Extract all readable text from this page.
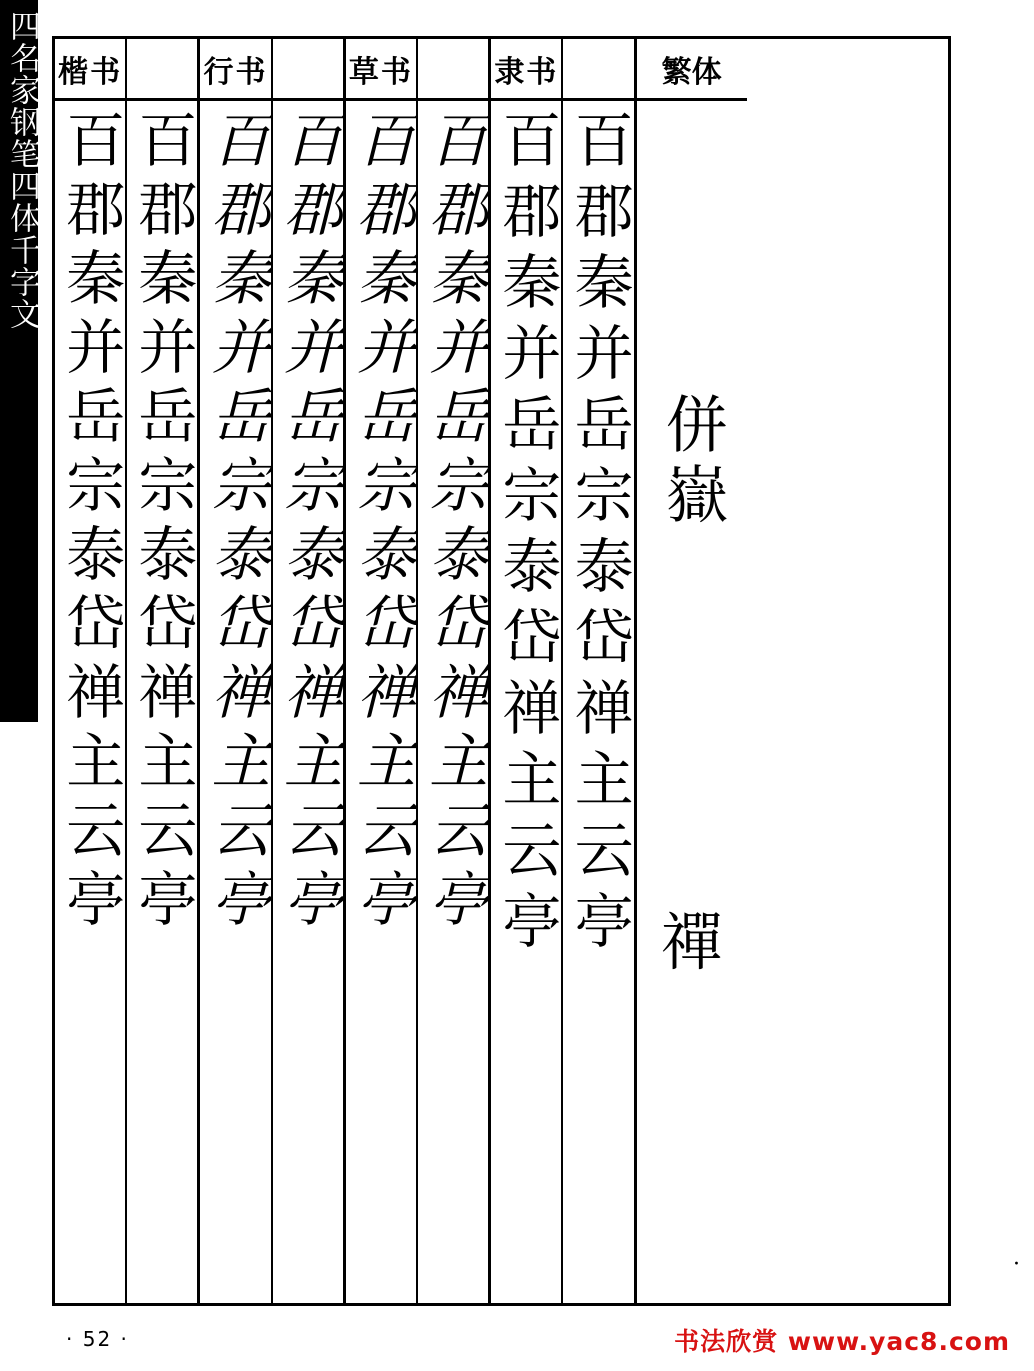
四名家钢笔四体千字文 楷书
百郡秦并岳宗泰岱禅主云亭 百郡秦并岳宗泰岱禅主云亭
行书
百郡秦并岳宗泰岱禅主云亭 百郡秦并岳宗泰岱禅主云亭
草书
百郡秦并岳宗泰岱禅主云亭 百郡秦并岳宗泰岱禅主云亭
隶书
百郡秦并岳宗泰岱禅主云亭 百郡秦并岳宗泰岱禅主云亭
繁体
併嶽
禪
·
· 52 ·	书法欣赏 www.yac8.com
